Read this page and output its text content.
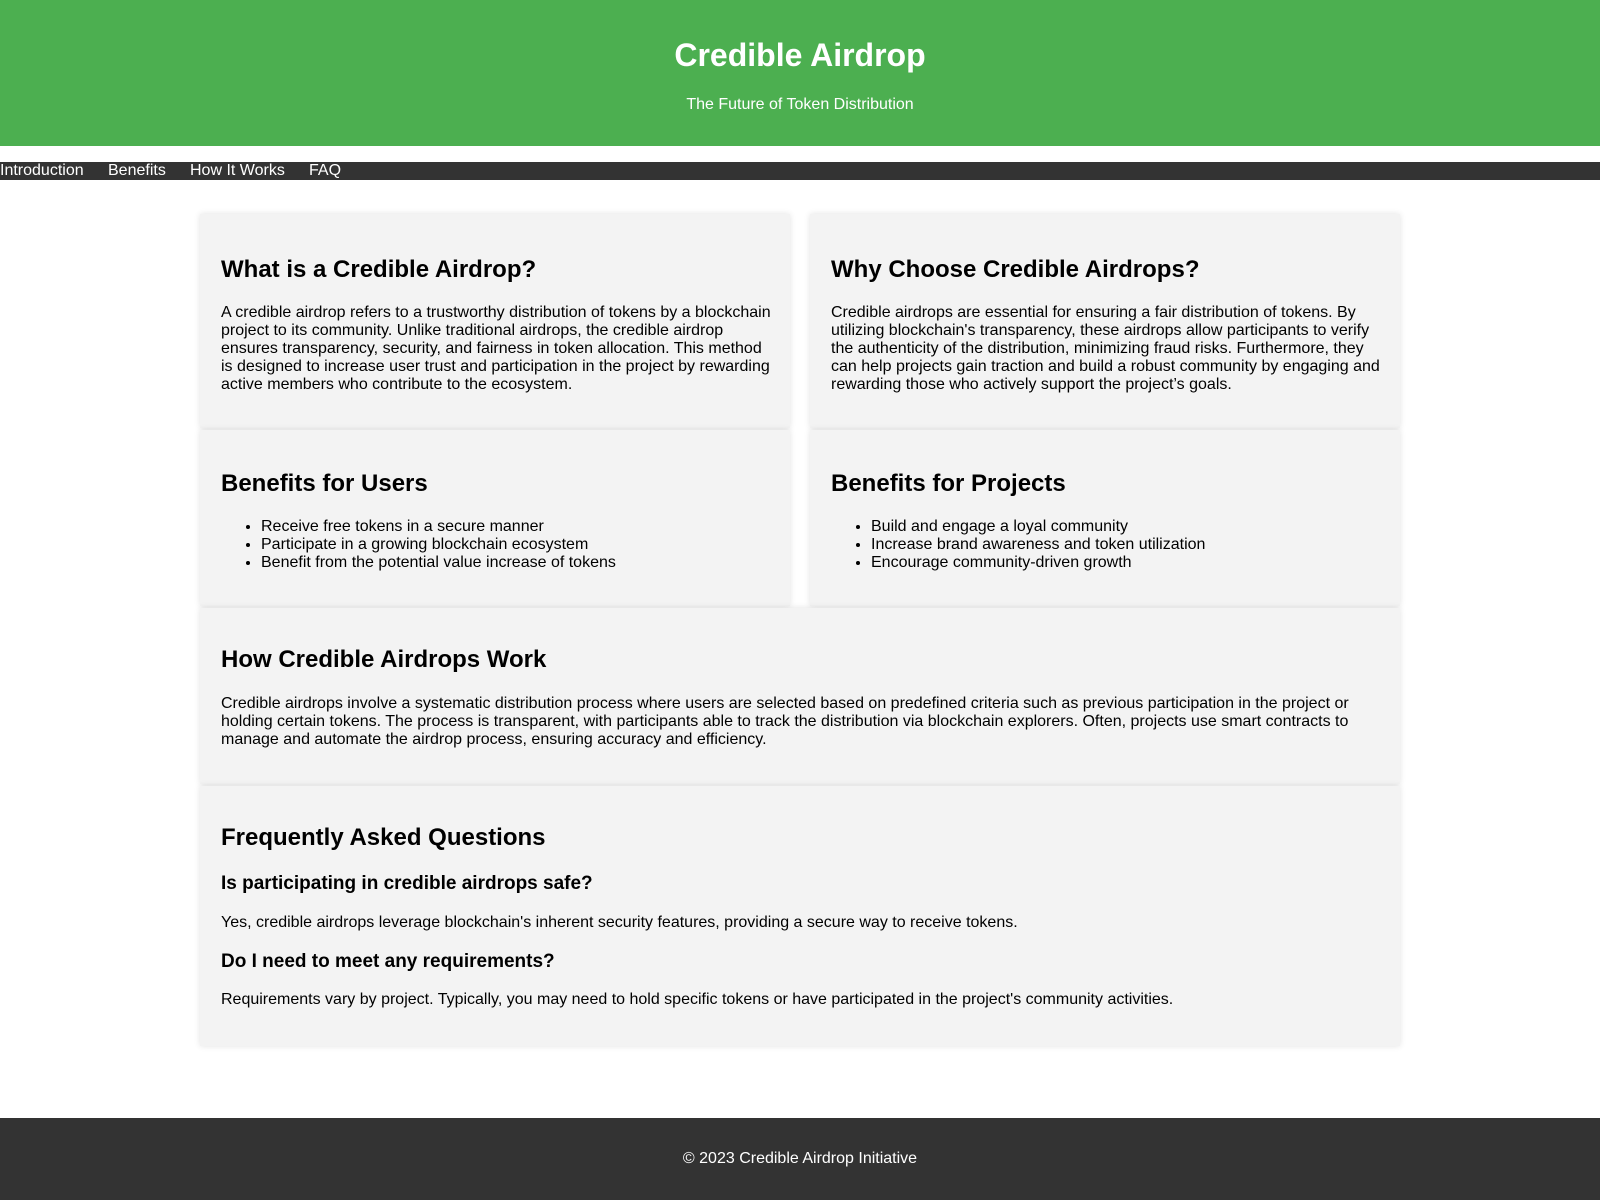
Credible Airdrop

The Future of Token Distribution

Introduction Benefits How It Works FAQ
What is a Credible Airdrop?

A credible airdrop refers to a trustworthy distribution of tokens by a blockchain project to its community. Unlike traditional airdrops, the credible airdrop ensures transparency, security, and fairness in token allocation. This method is designed to increase user trust and participation in the project by rewarding active members who contribute to the ecosystem.

Why Choose Credible Airdrops?

Credible airdrops are essential for ensuring a fair distribution of tokens. By utilizing blockchain's transparency, these airdrops allow participants to verify the authenticity of the distribution, minimizing fraud risks. Furthermore, they can help projects gain traction and build a robust community by engaging and rewarding those who actively support the project’s goals.

Benefits for Users
• Receive free tokens in a secure manner
• Participate in a growing blockchain ecosystem
• Benefit from the potential value increase of tokens
Benefits for Projects
• Build and engage a loyal community
• Increase brand awareness and token utilization
• Encourage community-driven growth
How Credible Airdrops Work

Credible airdrops involve a systematic distribution process where users are selected based on predefined criteria such as previous participation in the project or holding certain tokens. The process is transparent, with participants able to track the distribution via blockchain explorers. Often, projects use smart contracts to manage and automate the airdrop process, ensuring accuracy and efficiency.

Frequently Asked Questions
Is participating in credible airdrops safe?

Yes, credible airdrops leverage blockchain's inherent security features, providing a secure way to receive tokens.

Do I need to meet any requirements?

Requirements vary by project. Typically, you may need to hold specific tokens or have participated in the project's community activities.

© 2023 Credible Airdrop Initiative
